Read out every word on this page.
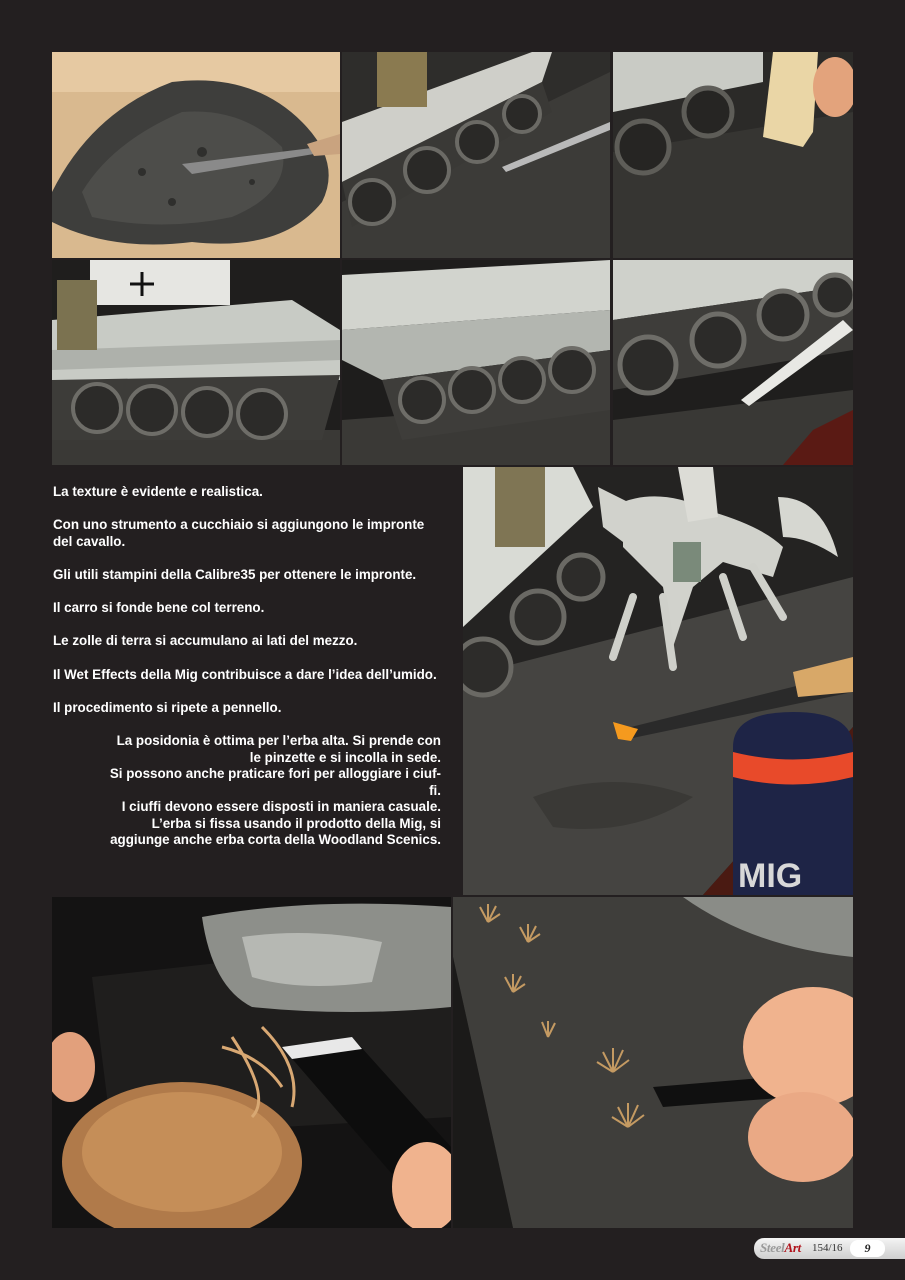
MIG

La texture è evidente e realistica.

Con uno strumento a cucchiaio si aggiungono le impronte del cavallo.

Gli utili stampini della Calibre35 per ottenere le impronte.

Il carro si fonde bene col terreno.

Le zolle di terra si accumulano ai lati del mezzo.

Il Wet Effects della Mig contribuisce a dare l’idea dell’umido.

Il procedimento si ripete a pennello.

La posidonia è ottima per l’erba alta. Si prende con

le pinzette e si incolla in sede.

Si possono anche praticare fori per alloggiare i ciuf-

fi.

I ciuffi devono essere disposti in maniera casuale.

L’erba si fissa usando il prodotto della Mig, si

aggiunge anche erba corta della Woodland Scenics.

SteelArt 154/16	9
